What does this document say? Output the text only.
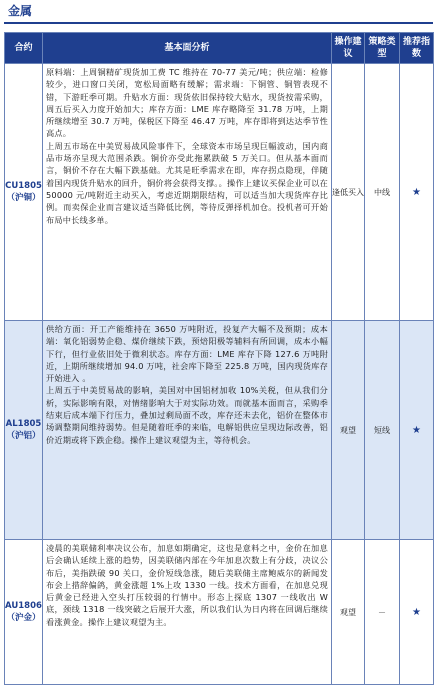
金属
合约	基本面分析	操作建议	策略类型	推荐指数
CU1805
（沪铜）	原料端：上周铜精矿现货加工费 TC 维持在 70-77 美元/吨；供应端：检修较少，进口窗口关闭，宽松局面略有缓解；需求端：下铜管、铜管表现不错，下游旺季可期。升贴水方面：现货依旧保持较大贴水，现货按需采购，周五后买入力度开始加大；库存方面：LME 库存略降至 31.78 万吨，上期所继续增至 30.7 万吨，保税区下降至 46.47 万吨，库存即将到达达季节性高点。
上周五市场在中美贸易战风险事件下，全球资本市场呈现巨幅波动，国内商品市场亦呈现大范围杀跌。铜价亦受此拖累跌破 5 万关口。但从基本面而言，铜价不存在大幅下跌基础。尤其是旺季需求在即，库存拐点隐现，伴随着国内现货升贴水的回升，铜价将会获得支撑。。操作上建议买保企业可以在 50000 元/吨附近主动买入，考虑近期期限结构，可以适当加大现货库存比例。而卖保企业而言建议适当降低比例，等待反弹择机加仓。投机者可开始布局中长线多单。	逢低买入	中线	★
AL1805
（沪铝）	供给方面：开工产能维持在 3650 万吨附近，投复产大幅不及预期；成本端：氧化铝弱势企稳、煤价继续下跌，预焙阳极等辅料有所回调，成本小幅下行，但行业依旧处于微利状态。库存方面：LME 库存下降 127.6 万吨附近，上期所继续增加 94.0 万吨，社会库下降至 225.8 万吨，国内现货库存开始进入 。
上周五于中美贸易战的影响，美国对中国铝材加收 10%关税，但从我们分析，实际影响有限，对情绪影响大于对实际功效。而就基本面而言，采购季结束后成本端下行压力，叠加过剩局面不改，库存还未去化，铝价在整体市场调整期间维持弱势。但是随着旺季的来临，电解铝供应呈现边际改善，铝价近期或将下跌企稳。操作上建议观望为主，等待机会。	观望	短线	★
AU1806
（沪金）	凌晨的美联储利率决议公布，加息如期确定，这也是意料之中，金价在加息后会确认延续上涨的趋势，因美联储内部在今年加息次数上有分歧，决议公布后，美指跌破 90 关口，金价短线急涨，随后美联储主席鲍威尔的新闻发布会上措辞偏鸽，黄金涨超 1%上攻 1330 一线。技术方面看，在加息兑现后黄金已经进入空头打压较弱的行情中。形态上探底 1307 一线收出 W 底，颈线 1318 一线突破之后展开大涨，所以我们认为日内将在回调后继续看涨黄金。操作上建议观望为主。	观望	－	★
